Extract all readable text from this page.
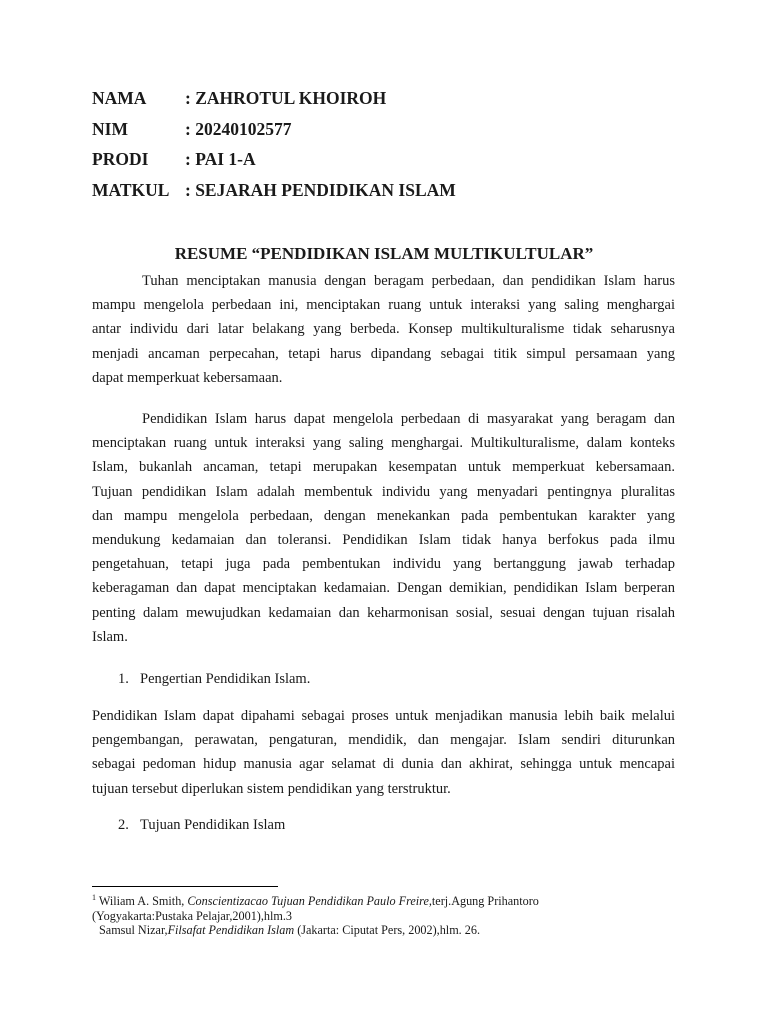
NAMA : ZAHROTUL KHOIROH
NIM	: 20240102577
PRODI : PAI 1-A
MATKUL : SEJARAH PENDIDIKAN ISLAM
RESUME “PENDIDIKAN ISLAM MULTIKULTULAR”
Tuhan menciptakan manusia dengan beragam perbedaan, dan pendidikan Islam harus
mampu mengelola perbedaan ini, menciptakan ruang untuk interaksi yang saling menghargai
antar individu dari latar belakang yang berbeda. Konsep multikulturalisme tidak seharusnya
menjadi ancaman perpecahan, tetapi harus dipandang sebagai titik simpul persamaan yang
dapat memperkuat kebersamaan.
Pendidikan Islam harus dapat mengelola perbedaan di masyarakat yang beragam dan
menciptakan ruang untuk interaksi yang saling menghargai. Multikulturalisme, dalam konteks
Islam, bukanlah ancaman, tetapi merupakan kesempatan untuk memperkuat kebersamaan.
Tujuan pendidikan Islam adalah membentuk individu yang menyadari pentingnya pluralitas
dan mampu mengelola perbedaan, dengan menekankan pada pembentukan karakter yang
mendukung kedamaian dan toleransi. Pendidikan Islam tidak hanya berfokus pada ilmu
pengetahuan, tetapi juga pada pembentukan individu yang bertanggung jawab terhadap
keberagaman dan dapat menciptakan kedamaian. Dengan demikian, pendidikan Islam berperan
penting dalam mewujudkan kedamaian dan keharmonisan sosial, sesuai dengan tujuan risalah
Islam.
1. Pengertian Pendidikan Islam.
Pendidikan Islam dapat dipahami sebagai proses untuk menjadikan manusia lebih baik melalui
pengembangan, perawatan, pengaturan, mendidik, dan mengajar. Islam sendiri diturunkan
sebagai pedoman hidup manusia agar selamat di dunia dan akhirat, sehingga untuk mencapai
tujuan tersebut diperlukan sistem pendidikan yang terstruktur.
2. Tujuan Pendidikan Islam
$^1$ Wiliam A. Smith, Conscientizacao Tujuan Pendidikan Paulo Freire,terj.Agung Prihantoro
(Yogyakarta:Pustaka Pelajar,2001),hlm.3
Samsul Nizar,Filsafat Pendidikan Islam (Jakarta: Ciputat Pers, 2002),hlm. 26.
